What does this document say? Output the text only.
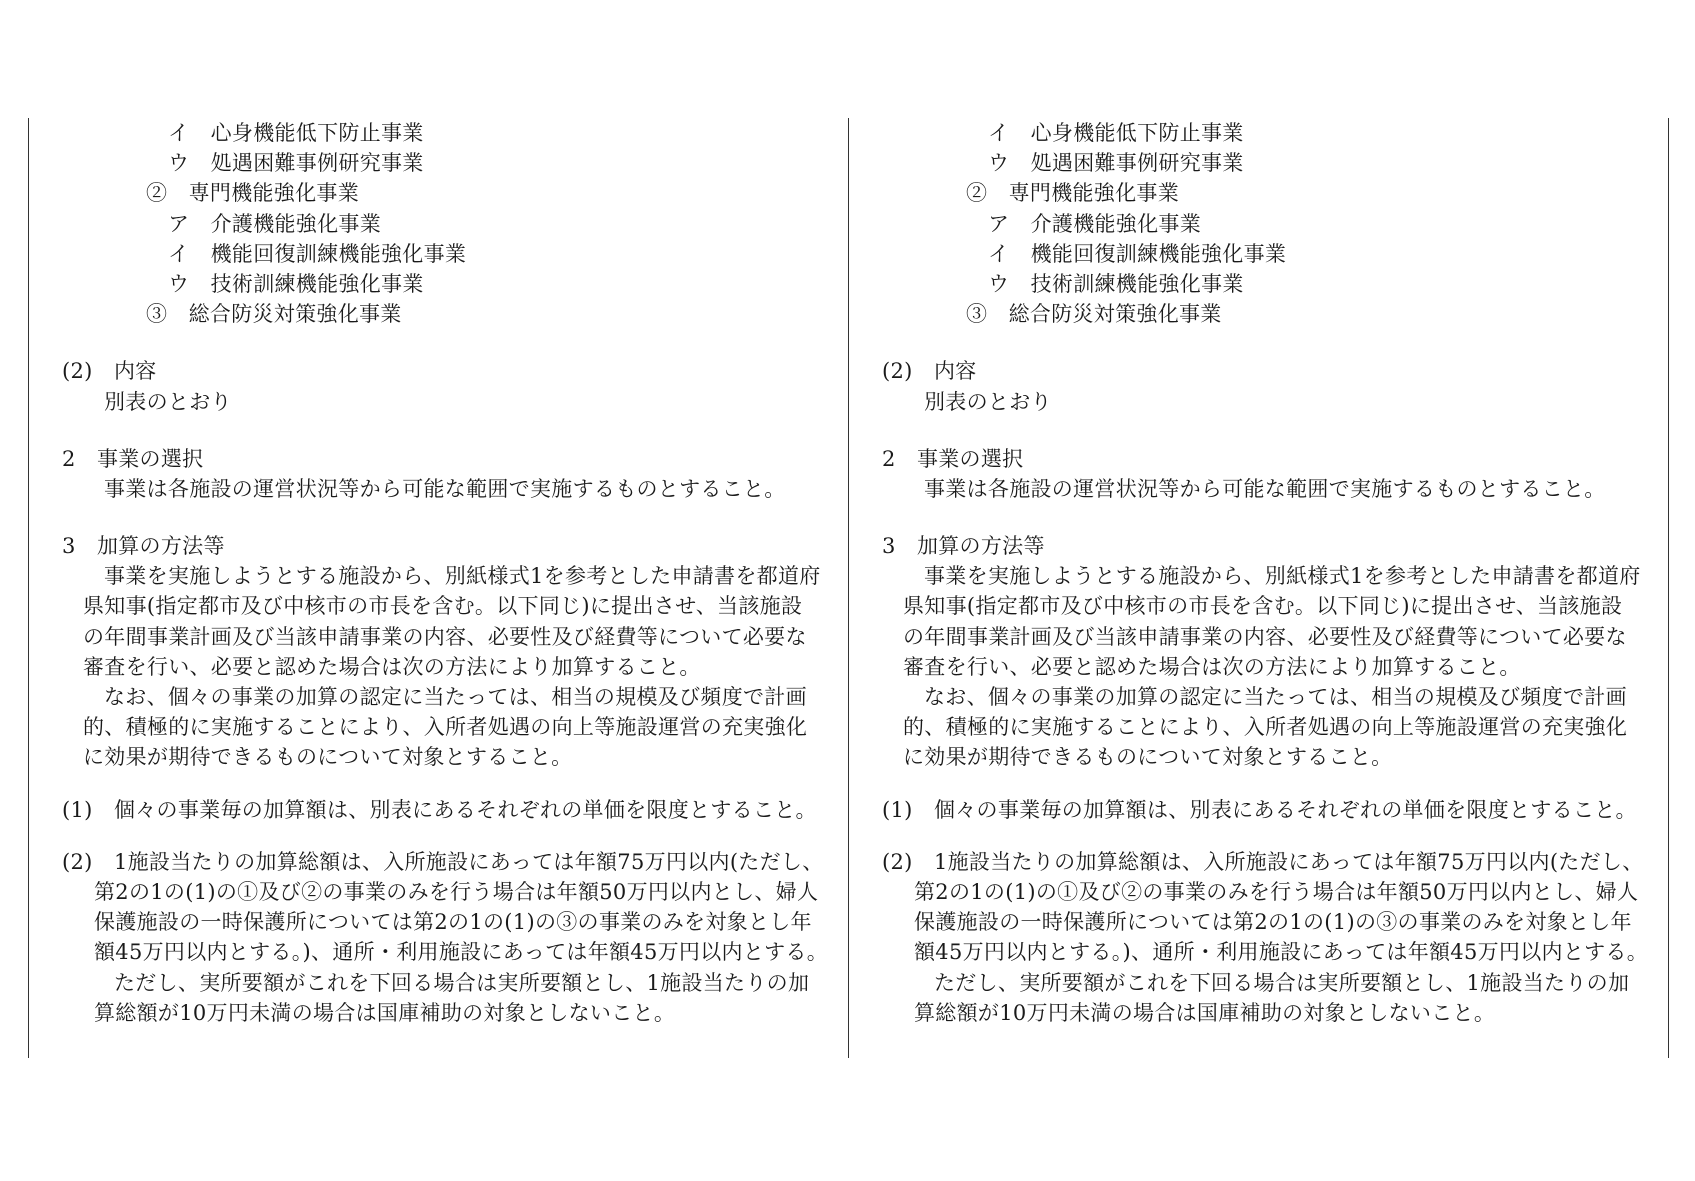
イ　心身機能低下防止事業
ウ　処遇困難事例研究事業
②　専門機能強化事業
ア　介護機能強化事業
イ　機能回復訓練機能強化事業
ウ　技術訓練機能強化事業
③　総合防災対策強化事業
(2)　内容
別表のとおり
2　事業の選択
事業は各施設の運営状況等から可能な範囲で実施するものとすること。
3　加算の方法等
事業を実施しようとする施設から、別紙様式1を参考とした申請書を都道府
県知事(指定都市及び中核市の市長を含む。以下同じ)に提出させ、当該施設
の年間事業計画及び当該申請事業の内容、必要性及び経費等について必要な
審査を行い、必要と認めた場合は次の方法により加算すること。
なお、個々の事業の加算の認定に当たっては、相当の規模及び頻度で計画
的、積極的に実施することにより、入所者処遇の向上等施設運営の充実強化
に効果が期待できるものについて対象とすること。
(1)　個々の事業毎の加算額は、別表にあるそれぞれの単価を限度とすること。
(2)　1施設当たりの加算総額は、入所施設にあっては年額75万円以内(ただし、
第2の1の(1)の①及び②の事業のみを行う場合は年額50万円以内とし、婦人
保護施設の一時保護所については第2の1の(1)の③の事業のみを対象とし年
額45万円以内とする。)、通所・利用施設にあっては年額45万円以内とする。
ただし、実所要額がこれを下回る場合は実所要額とし、1施設当たりの加
算総額が10万円未満の場合は国庫補助の対象としないこと。
イ　心身機能低下防止事業
ウ　処遇困難事例研究事業
②　専門機能強化事業
ア　介護機能強化事業
イ　機能回復訓練機能強化事業
ウ　技術訓練機能強化事業
③　総合防災対策強化事業
(2)　内容
別表のとおり
2　事業の選択
事業は各施設の運営状況等から可能な範囲で実施するものとすること。
3　加算の方法等
事業を実施しようとする施設から、別紙様式1を参考とした申請書を都道府
県知事(指定都市及び中核市の市長を含む。以下同じ)に提出させ、当該施設
の年間事業計画及び当該申請事業の内容、必要性及び経費等について必要な
審査を行い、必要と認めた場合は次の方法により加算すること。
なお、個々の事業の加算の認定に当たっては、相当の規模及び頻度で計画
的、積極的に実施することにより、入所者処遇の向上等施設運営の充実強化
に効果が期待できるものについて対象とすること。
(1)　個々の事業毎の加算額は、別表にあるそれぞれの単価を限度とすること。
(2)　1施設当たりの加算総額は、入所施設にあっては年額75万円以内(ただし、
第2の1の(1)の①及び②の事業のみを行う場合は年額50万円以内とし、婦人
保護施設の一時保護所については第2の1の(1)の③の事業のみを対象とし年
額45万円以内とする。)、通所・利用施設にあっては年額45万円以内とする。
ただし、実所要額がこれを下回る場合は実所要額とし、1施設当たりの加
算総額が10万円未満の場合は国庫補助の対象としないこと。
